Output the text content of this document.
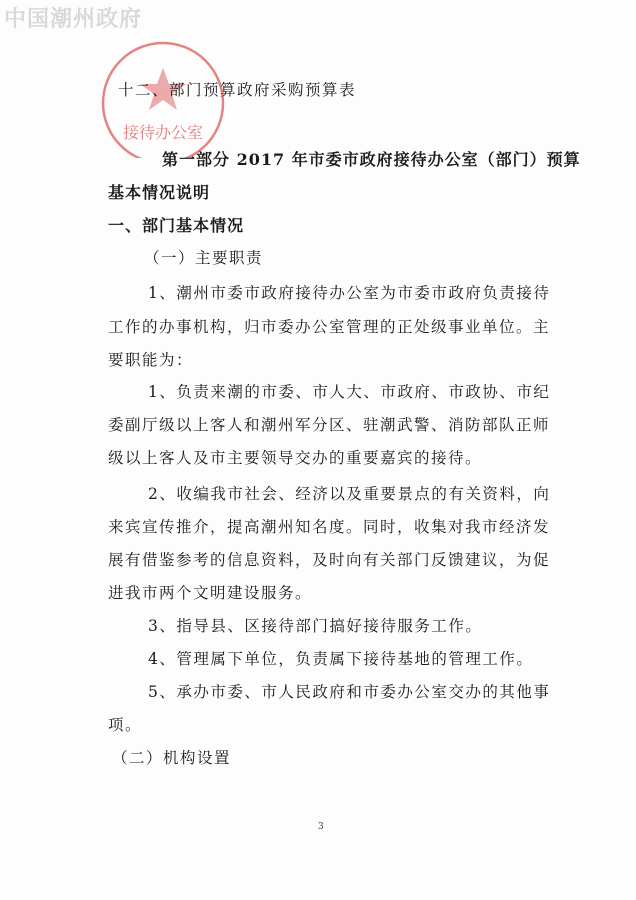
中国潮州政府
接待办公室
十二、部门预算政府采购预算表
第一部分 2017 年市委市政府接待办公室（部门）预算
基本情况说明
一、部门基本情况
（一）主要职责
1、潮州市委市政府接待办公室为市委市政府负责接待
工作的办事机构，归市委办公室管理的正处级事业单位。主
要职能为：
1、负责来潮的市委、市人大、市政府、市政协、市纪
委副厅级以上客人和潮州军分区、驻潮武警、消防部队正师
级以上客人及市主要领导交办的重要嘉宾的接待。
2、收编我市社会、经济以及重要景点的有关资料，向
来宾宣传推介，提高潮州知名度。同时，收集对我市经济发
展有借鉴参考的信息资料，及时向有关部门反馈建议，为促
进我市两个文明建设服务。
3、指导县、区接待部门搞好接待服务工作。
4、管理属下单位，负责属下接待基地的管理工作。
5、承办市委、市人民政府和市委办公室交办的其他事
项。
（二）机构设置
3
